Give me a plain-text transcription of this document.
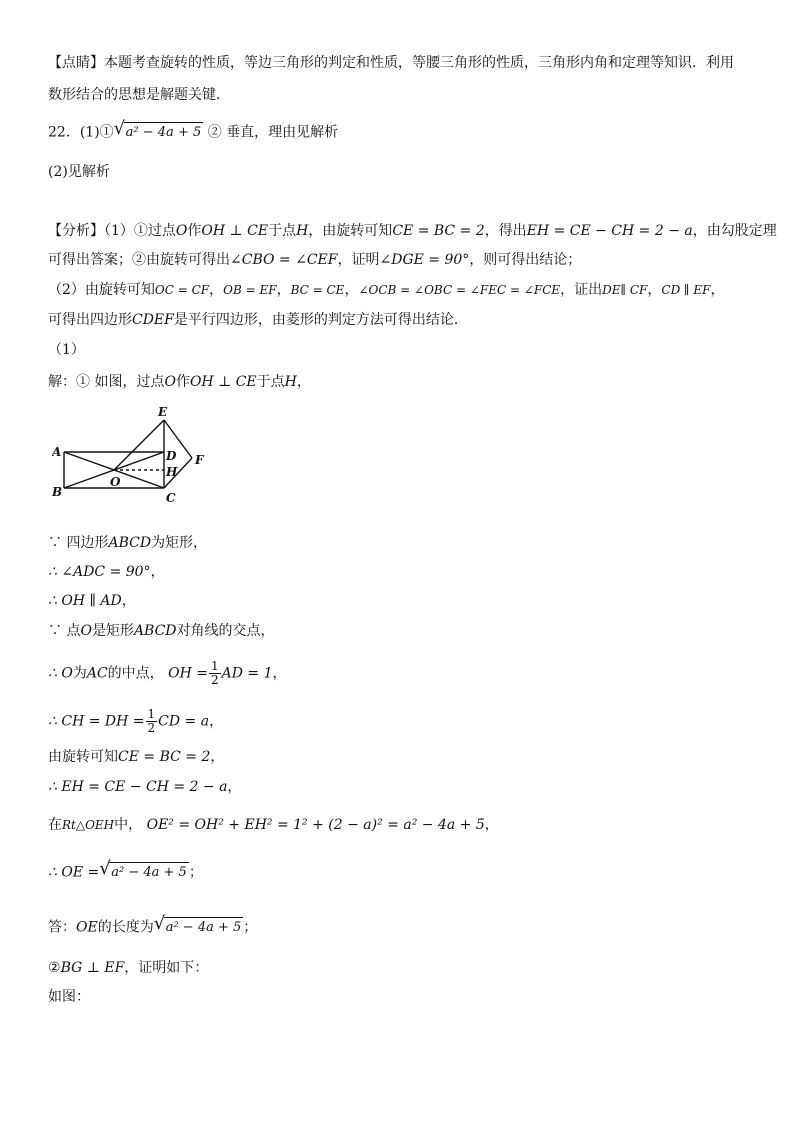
【点睛】本题考查旋转的性质，等边三角形的判定和性质，等腰三角形的性质，三角形内角和定理等知识．利用
数形结合的思想是解题关键．
22．(1)① √ a² − 4a + 5 ② 垂直，理由见解析
(2)见解析
【分析】（1）①过点O作OH ⊥ CE于点H，由旋转可知CE = BC = 2，得出EH = CE − CH = 2 − a，由勾股定理
可得出答案；②由旋转可得出∠CBO = ∠CEF，证明∠DGE = 90°，则可得出结论；
（2）由旋转可知OC = CF，OB = EF，BC = CE，∠OCB = ∠OBC = ∠FEC = ∠FCE，证出DE∥ CF，CD ∥ EF，
可得出四边形CDEF是平行四边形，由菱形的判定方法可得出结论．
（1）
解：① 如图，过点O作OH ⊥ CE于点H，
A
B	C
D
E
F
H
O
∵ 四边形ABCD为矩形，
∴ ∠ADC = 90°，
∴ OH ∥ AD，
∵ 点O是矩形ABCD对角线的交点，
∴ O为AC的中点， OH = $\frac{1}{2}$ AD = 1，
∴ CH = DH = $\frac{1}{2}$ CD = a，
由旋转可知CE = BC = 2，
∴ EH = CE − CH = 2 − a，
在Rt△OEH中， OE² = OH² + EH² = 1² + (2 − a)² = a² − 4a + 5，
∴ OE = √ a² − 4a + 5 ；
答：OE的长度为 √ a² − 4a + 5 ；
②BG ⊥ EF，证明如下：
如图：
